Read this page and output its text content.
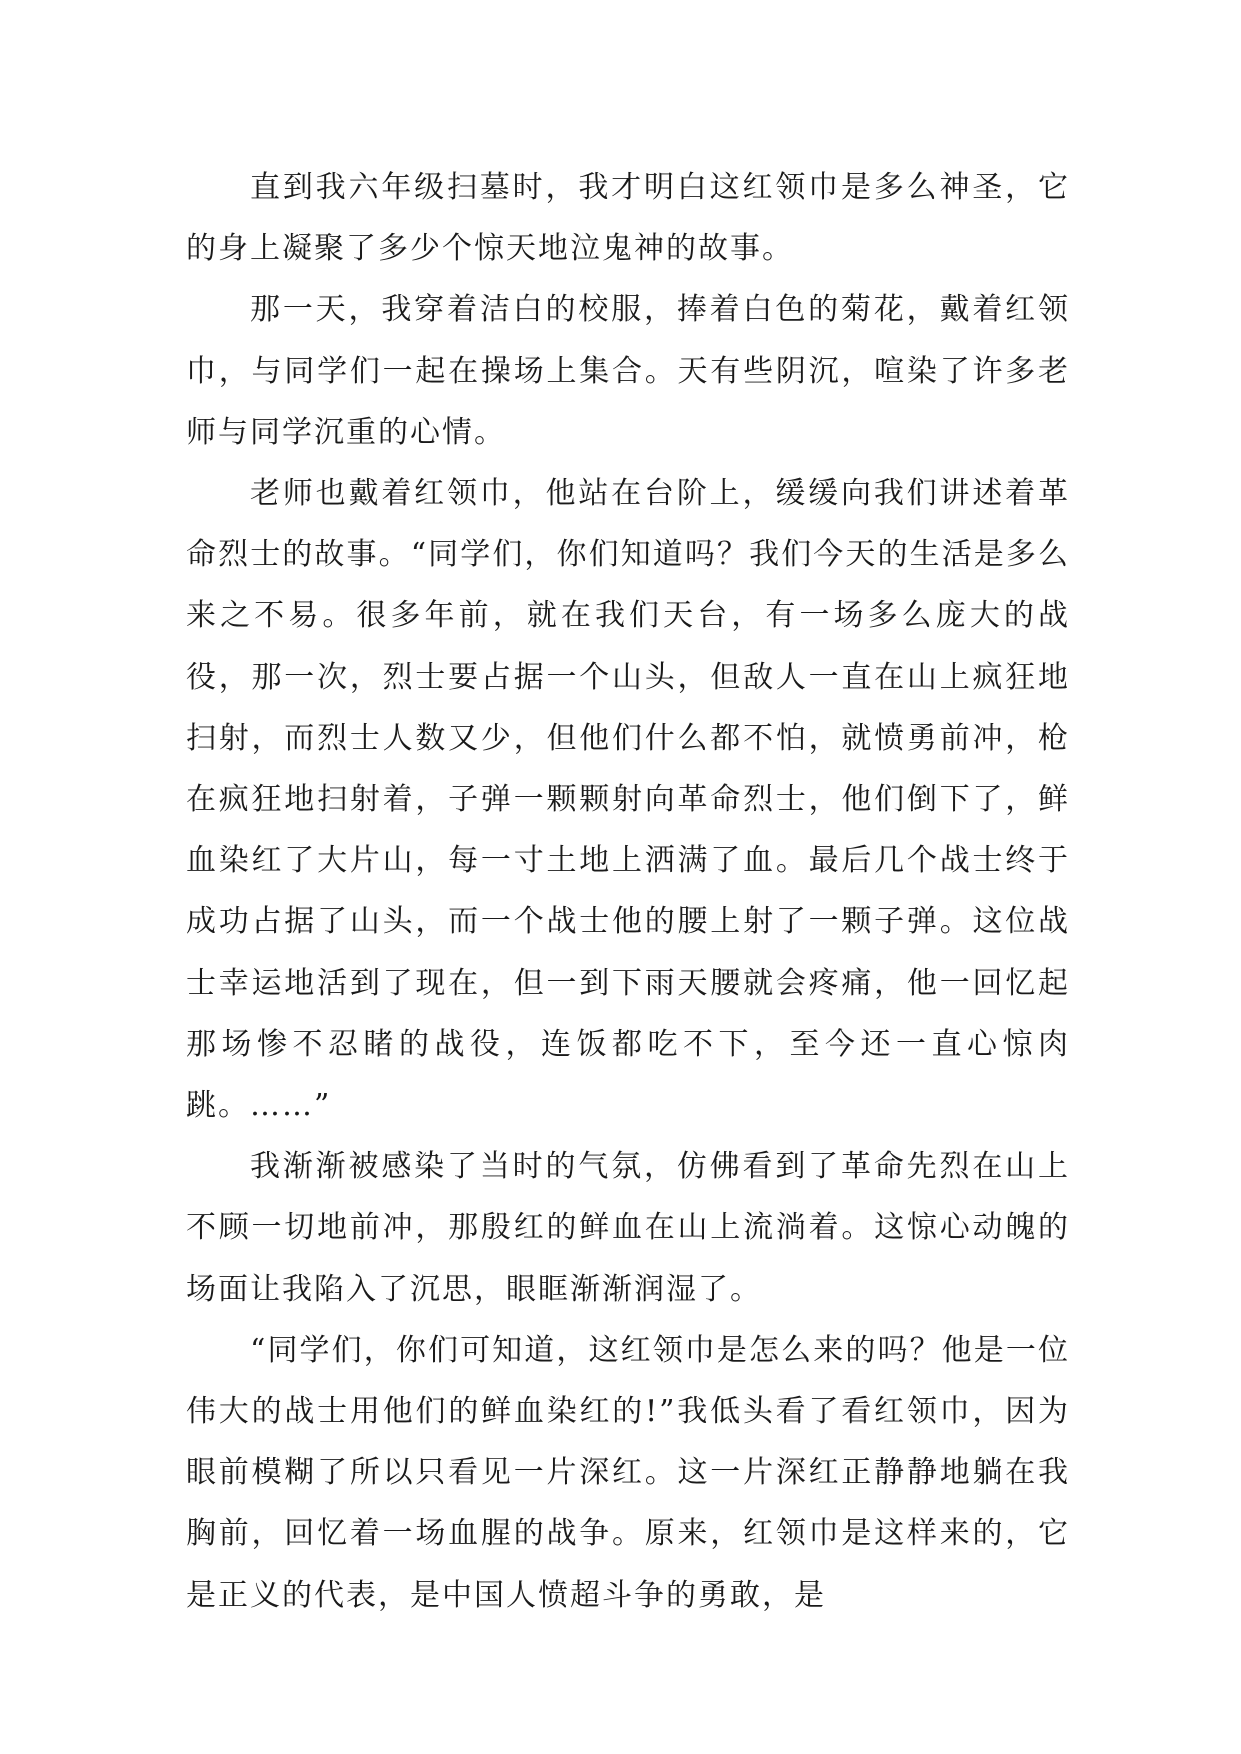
直到我六年级扫墓时，我才明白这红领巾是多么神圣，它的身上凝聚了多少个惊天地泣鬼神的故事。

那一天，我穿着洁白的校服，捧着白色的菊花，戴着红领巾，与同学们一起在操场上集合。天有些阴沉，喧染了许多老师与同学沉重的心情。

老师也戴着红领巾，他站在台阶上，缓缓向我们讲述着革命烈士的故事。“同学们，你们知道吗？我们今天的生活是多么来之不易。很多年前，就在我们天台，有一场多么庞大的战役，那一次，烈士要占据一个山头，但敌人一直在山上疯狂地扫射，而烈士人数又少，但他们什么都不怕，就愤勇前冲，枪在疯狂地扫射着，子弹一颗颗射向革命烈士，他们倒下了，鲜血染红了大片山，每一寸土地上洒满了血。最后几个战士终于成功占据了山头，而一个战士他的腰上射了一颗子弹。这位战士幸运地活到了现在，但一到下雨天腰就会疼痛，他一回忆起那场惨不忍睹的战役，连饭都吃不下，至今还一直心惊肉跳。……”

我渐渐被感染了当时的气氛，仿佛看到了革命先烈在山上不顾一切地前冲，那殷红的鲜血在山上流淌着。这惊心动魄的场面让我陷入了沉思，眼眶渐渐润湿了。

“同学们，你们可知道，这红领巾是怎么来的吗？他是一位伟大的战士用他们的鲜血染红的!”我低头看了看红领巾，因为眼前模糊了所以只看见一片深红。这一片深红正静静地躺在我胸前，回忆着一场血腥的战争。原来，红领巾是这样来的，它是正义的代表，是中国人愤超斗争的勇敢，是
